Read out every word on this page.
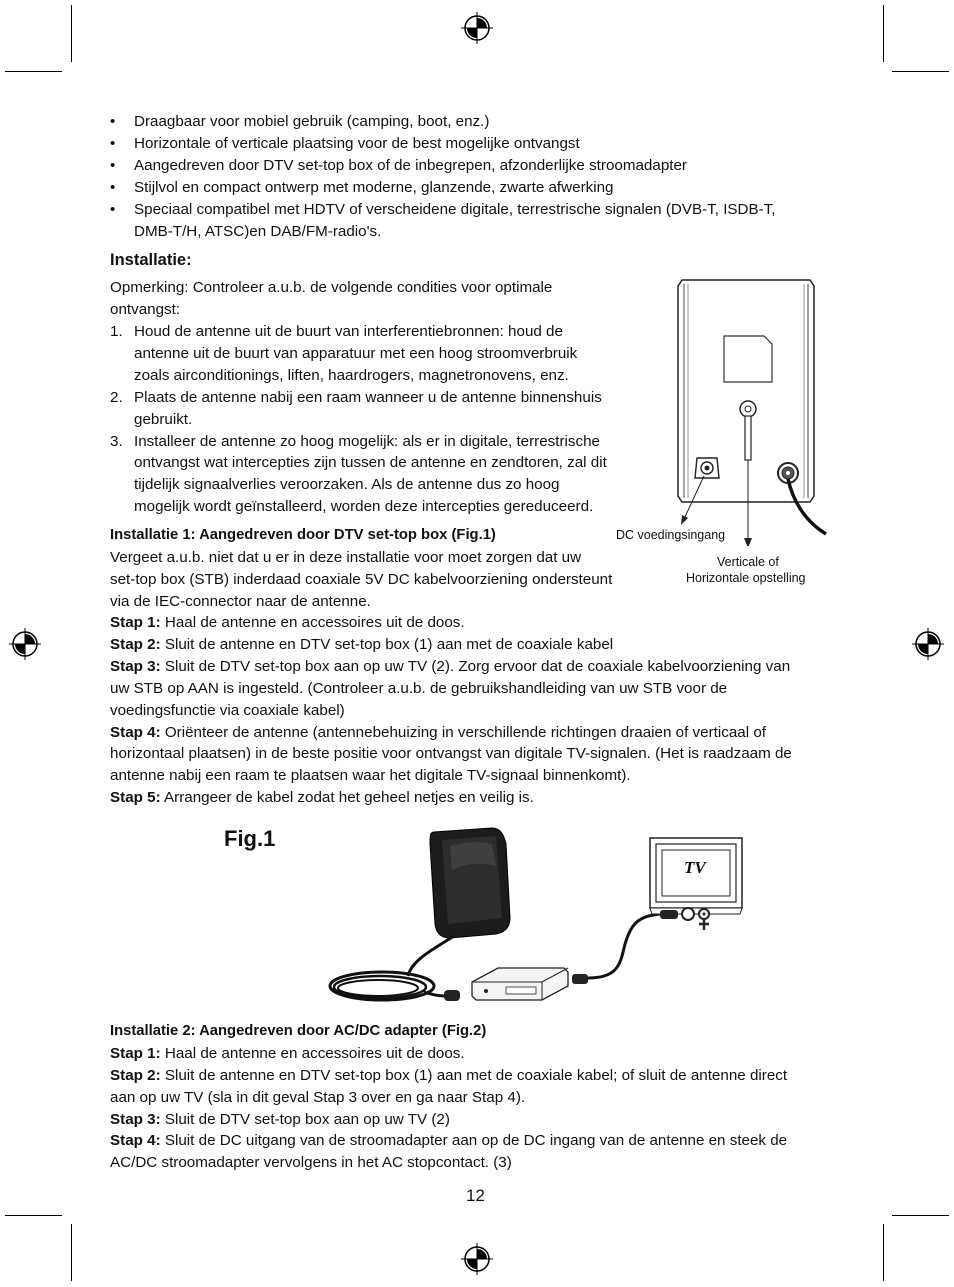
• Draagbaar voor mobiel gebruik (camping, boot, enz.)
• Horizontale of verticale plaatsing voor de best mogelijke ontvangst
• Aangedreven door DTV set-top box of de inbegrepen, afzonderlijke stroomadapter
• Stijlvol en compact ontwerp met moderne, glanzende, zwarte afwerking
• Speciaal compatibel met HDTV of verscheidene digitale, terrestrische signalen (DVB-T, ISDB-T,
DMB-T/H, ATSC)en DAB/FM-radio's.
Installatie:
Opmerking: Controleer a.u.b. de volgende condities voor optimale
ontvangst:
1. Houd de antenne uit de buurt van interferentiebronnen: houd de
antenne uit de buurt van apparatuur met een hoog stroomverbruik
zoals airconditionings, liften, haardrogers, magnetronovens, enz.
2. Plaats de antenne nabij een raam wanneer u de antenne binnenshuis
gebruikt.
3. Installeer de antenne zo hoog mogelijk: als er in digitale, terrestrische
ontvangst wat intercepties zijn tussen de antenne en zendtoren, zal dit
tijdelijk signaalverlies veroorzaken. Als de antenne dus zo hoog
mogelijk wordt geïnstalleerd, worden deze intercepties gereduceerd.
DC voedingsingang
Verticale of
Horizontale opstelling
Installatie 1: Aangedreven door DTV set-top box (Fig.1)
Vergeet a.u.b. niet dat u er in deze installatie voor moet zorgen dat uw
set-top box (STB) inderdaad coaxiale 5V DC kabelvoorziening ondersteunt
via de IEC-connector naar de antenne.
Stap 1: Haal de antenne en accessoires uit de doos.
Stap 2: Sluit de antenne en DTV set-top box (1) aan met de coaxiale kabel
Stap 3: Sluit de DTV set-top box aan op uw TV (2). Zorg ervoor dat de coaxiale kabelvoorziening van
uw STB op AAN is ingesteld. (Controleer a.u.b. de gebruikshandleiding van uw STB voor de
voedingsfunctie via coaxiale kabel)
Stap 4: Oriënteer de antenne (antennebehuizing in verschillende richtingen draaien of verticaal of
horizontaal plaatsen) in de beste positie voor ontvangst van digitale TV-signalen. (Het is raadzaam de
antenne nabij een raam te plaatsen waar het digitale TV-signaal binnenkomt).
Stap 5: Arrangeer de kabel zodat het geheel netjes en veilig is.
Fig.1
TV
Installatie 2: Aangedreven door AC/DC adapter (Fig.2)
Stap 1: Haal de antenne en accessoires uit de doos.
Stap 2: Sluit de antenne en DTV set-top box (1) aan met de coaxiale kabel; of sluit de antenne direct
aan op uw TV (sla in dit geval Stap 3 over en ga naar Stap 4).
Stap 3: Sluit de DTV set-top box aan op uw TV (2)
Stap 4: Sluit de DC uitgang van de stroomadapter aan op de DC ingang van de antenne en steek de
AC/DC stroomadapter vervolgens in het AC stopcontact. (3)
12
